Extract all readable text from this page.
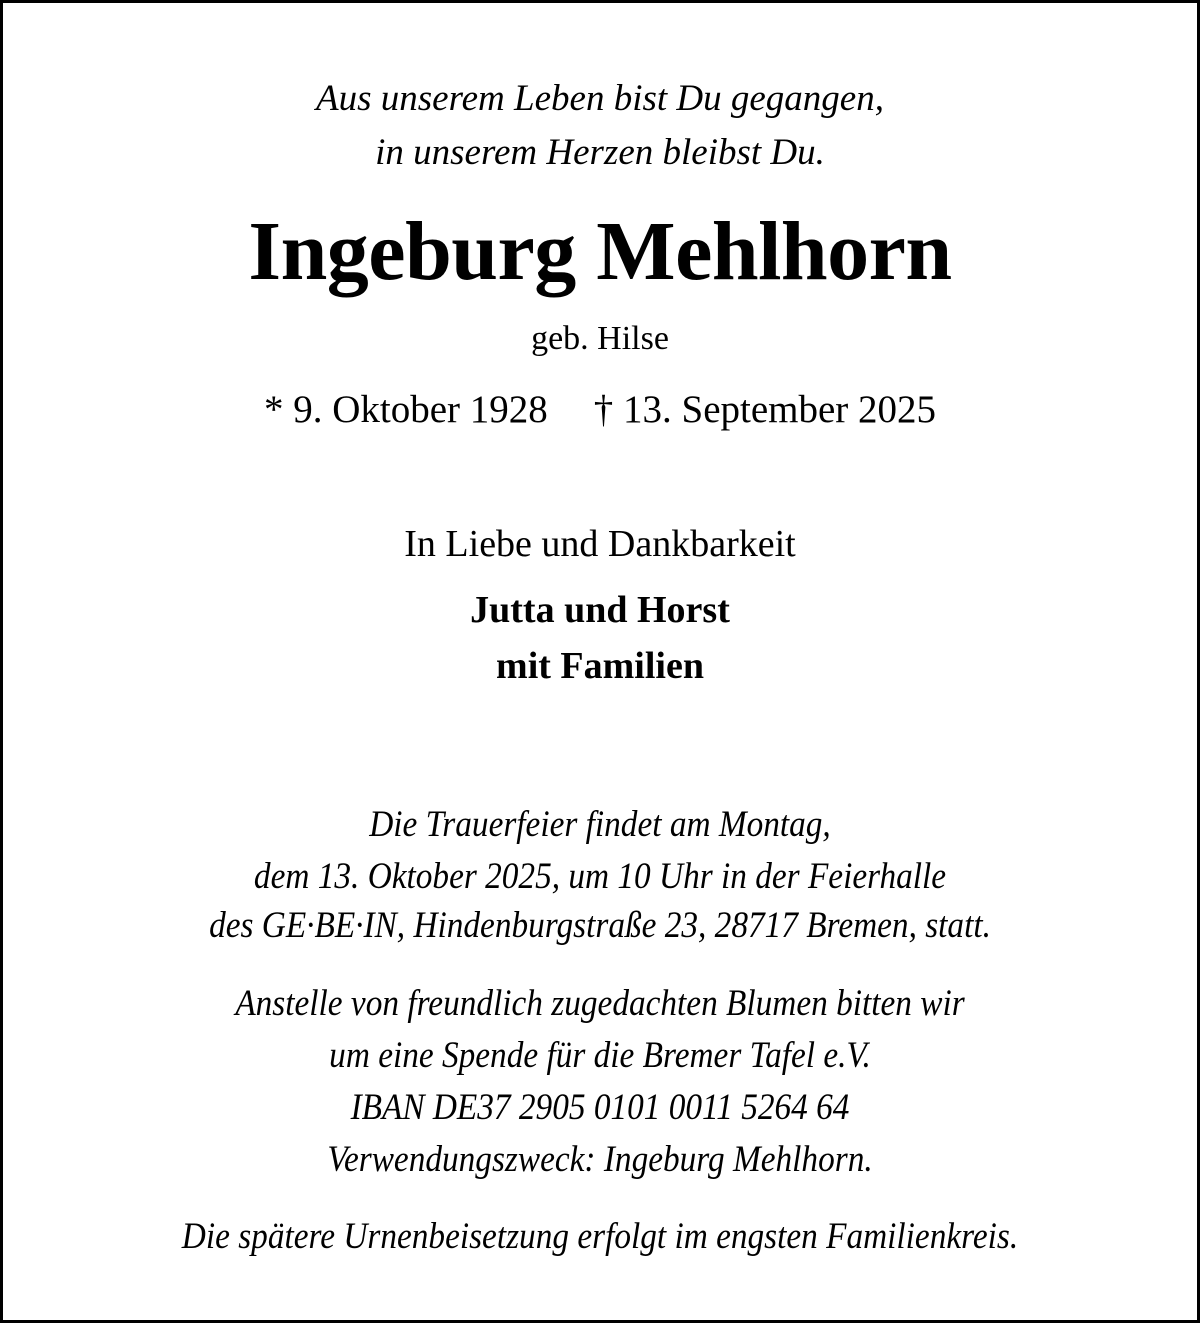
Aus unserem Leben bist Du gegangen,
in unserem Herzen bleibst Du.
Ingeburg Mehlhorn
geb. Hilse
* 9. Oktober 1928 † 13. September 2025
In Liebe und Dankbarkeit
Jutta und Horst
mit Familien
Die Trauerfeier findet am Montag,
dem 13. Oktober 2025, um 10 Uhr in der Feierhalle
des GE·BE·IN, Hindenburgstraße 23, 28717 Bremen, statt.
Anstelle von freundlich zugedachten Blumen bitten wir
um eine Spende für die Bremer Tafel e.V.
IBAN DE37 2905 0101 0011 5264 64
Verwendungszweck: Ingeburg Mehlhorn.
Die spätere Urnenbeisetzung erfolgt im engsten Familienkreis.
